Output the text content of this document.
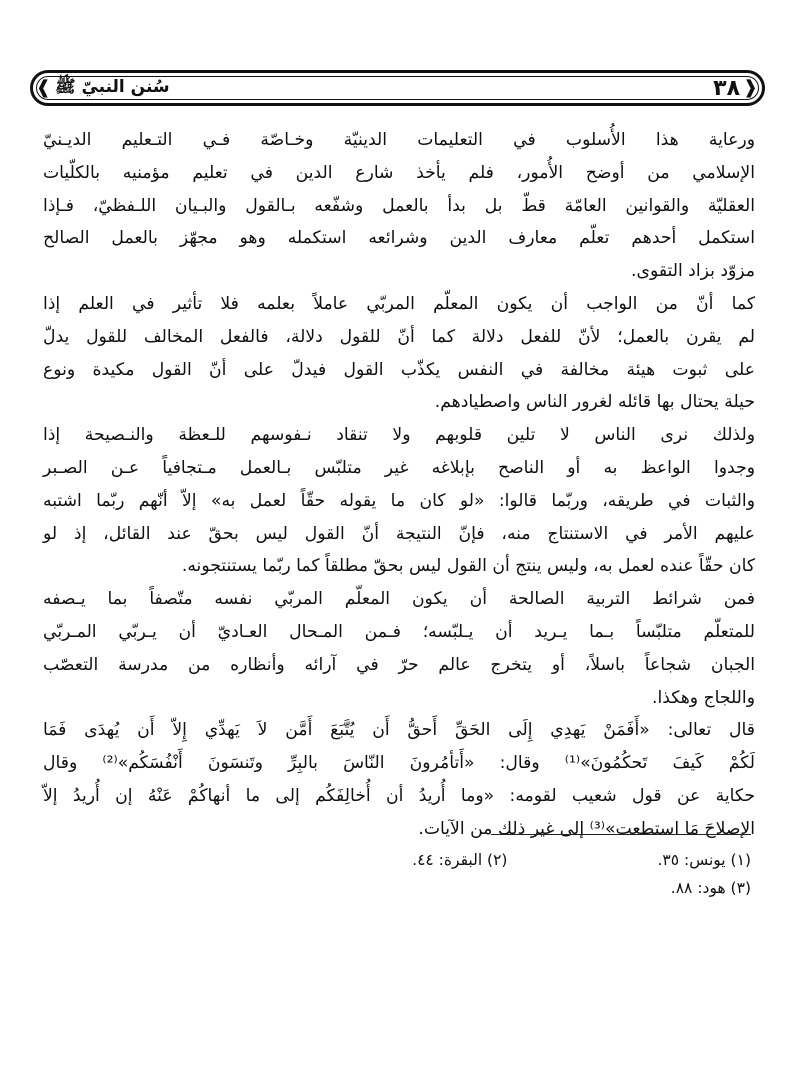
❰
❱	٣٨
سُنن النبيّ ﷺ

ورعاية هذا الأُسلوب في التعليمات الدينيّة وخـاصّة فـي التـعليم الديـنيّ
الإسلامي من أوضح الأُمور، فلم يأخذ شارع الدين في تعليم مؤمنيه بالكلّيات
العقليّة والقوانين العامّة قطّ بل بدأ بالعمل وشفّعه بـالقول والبـيان اللـفظيّ، فـإذا
استكمل أحدهم تعلّم معارف الدين وشرائعه استكمله وهو مجهّز بالعمل الصالح
مزوّد بزاد التقوى.

كما أنّ من الواجب أن يكون المعلّم المربّي عاملاً بعلمه فلا تأثير في العلم إذا
لم يقرن بالعمل؛ لأنّ للفعل دلالة كما أنّ للقول دلالة، فالفعل المخالف للقول يدلّ
على ثبوت هيئة مخالفة في النفس يكذّب القول فيدلّ على أنّ القول مكيدة ونوع
حيلة يحتال بها قائله لغرور الناس واصطيادهم.

ولذلك نرى الناس لا تلين قلوبهم ولا تنقاد نـفوسهم للـعظة والنـصيحة إذا
وجدوا الواعظ به أو الناصح بإبلاغه غير متلبّس بـالعمل مـتجافياً عـن الصـبر
والثبات في طريقه، وربّما قالوا: «لو كان ما يقوله حقّاً لعمل به» إلاّ أنّهم ربّما اشتبه
عليهم الأمر في الاستنتاج منه، فإنّ النتيجة أنّ القول ليس بحقّ عند القائل، إذ لو
كان حقّاً عنده لعمل به، وليس ينتج أن القول ليس بحقّ مطلقاً كما ربّما يستنتجونه.

فمن شرائط التربية الصالحة أن يكون المعلّم المربّي نفسه متّصفاً بما يـصفه
للمتعلّم متلبّساً بـما يـريد أن يـلبّسه؛ فـمن المـحال العـاديّ أن يـربّي المـربّي
الجبان شجاعاً باسلاً، أو يتخرج عالم حرّ في آرائه وأنظاره من مدرسة التعصّب
واللجاج وهكذا.

قال تعالى: «أَفَمَنْ يَهدِي إِلَى الحَقِّ أَحقُّ أَن يُتَّبَعَ أَمَّن لاَ يَهدِّي إِلاّ أَن يُهدَى فَمَا
لَكُمْ كَيفَ تَحكُمُونَ»⁽¹⁾ وقال: «أَتأمُرونَ النّاسَ بالبِرِّ وتَنسَونَ أَنْفُسَكُم»⁽²⁾ وقال
حكاية عن قول شعيب لقومه: «وما أُريدُ أن أُخالِفَكُم إلى ما أنهاكُمْ عَنْهُ إن أُريدُ إلاّ
الإصلاحَ مَا استطعت»⁽³⁾ إلى غير ذلك من الآيات.

(١) يونس: ٣٥.
(٢) البقرة: ٤٤.
(٣) هود: ٨٨.
